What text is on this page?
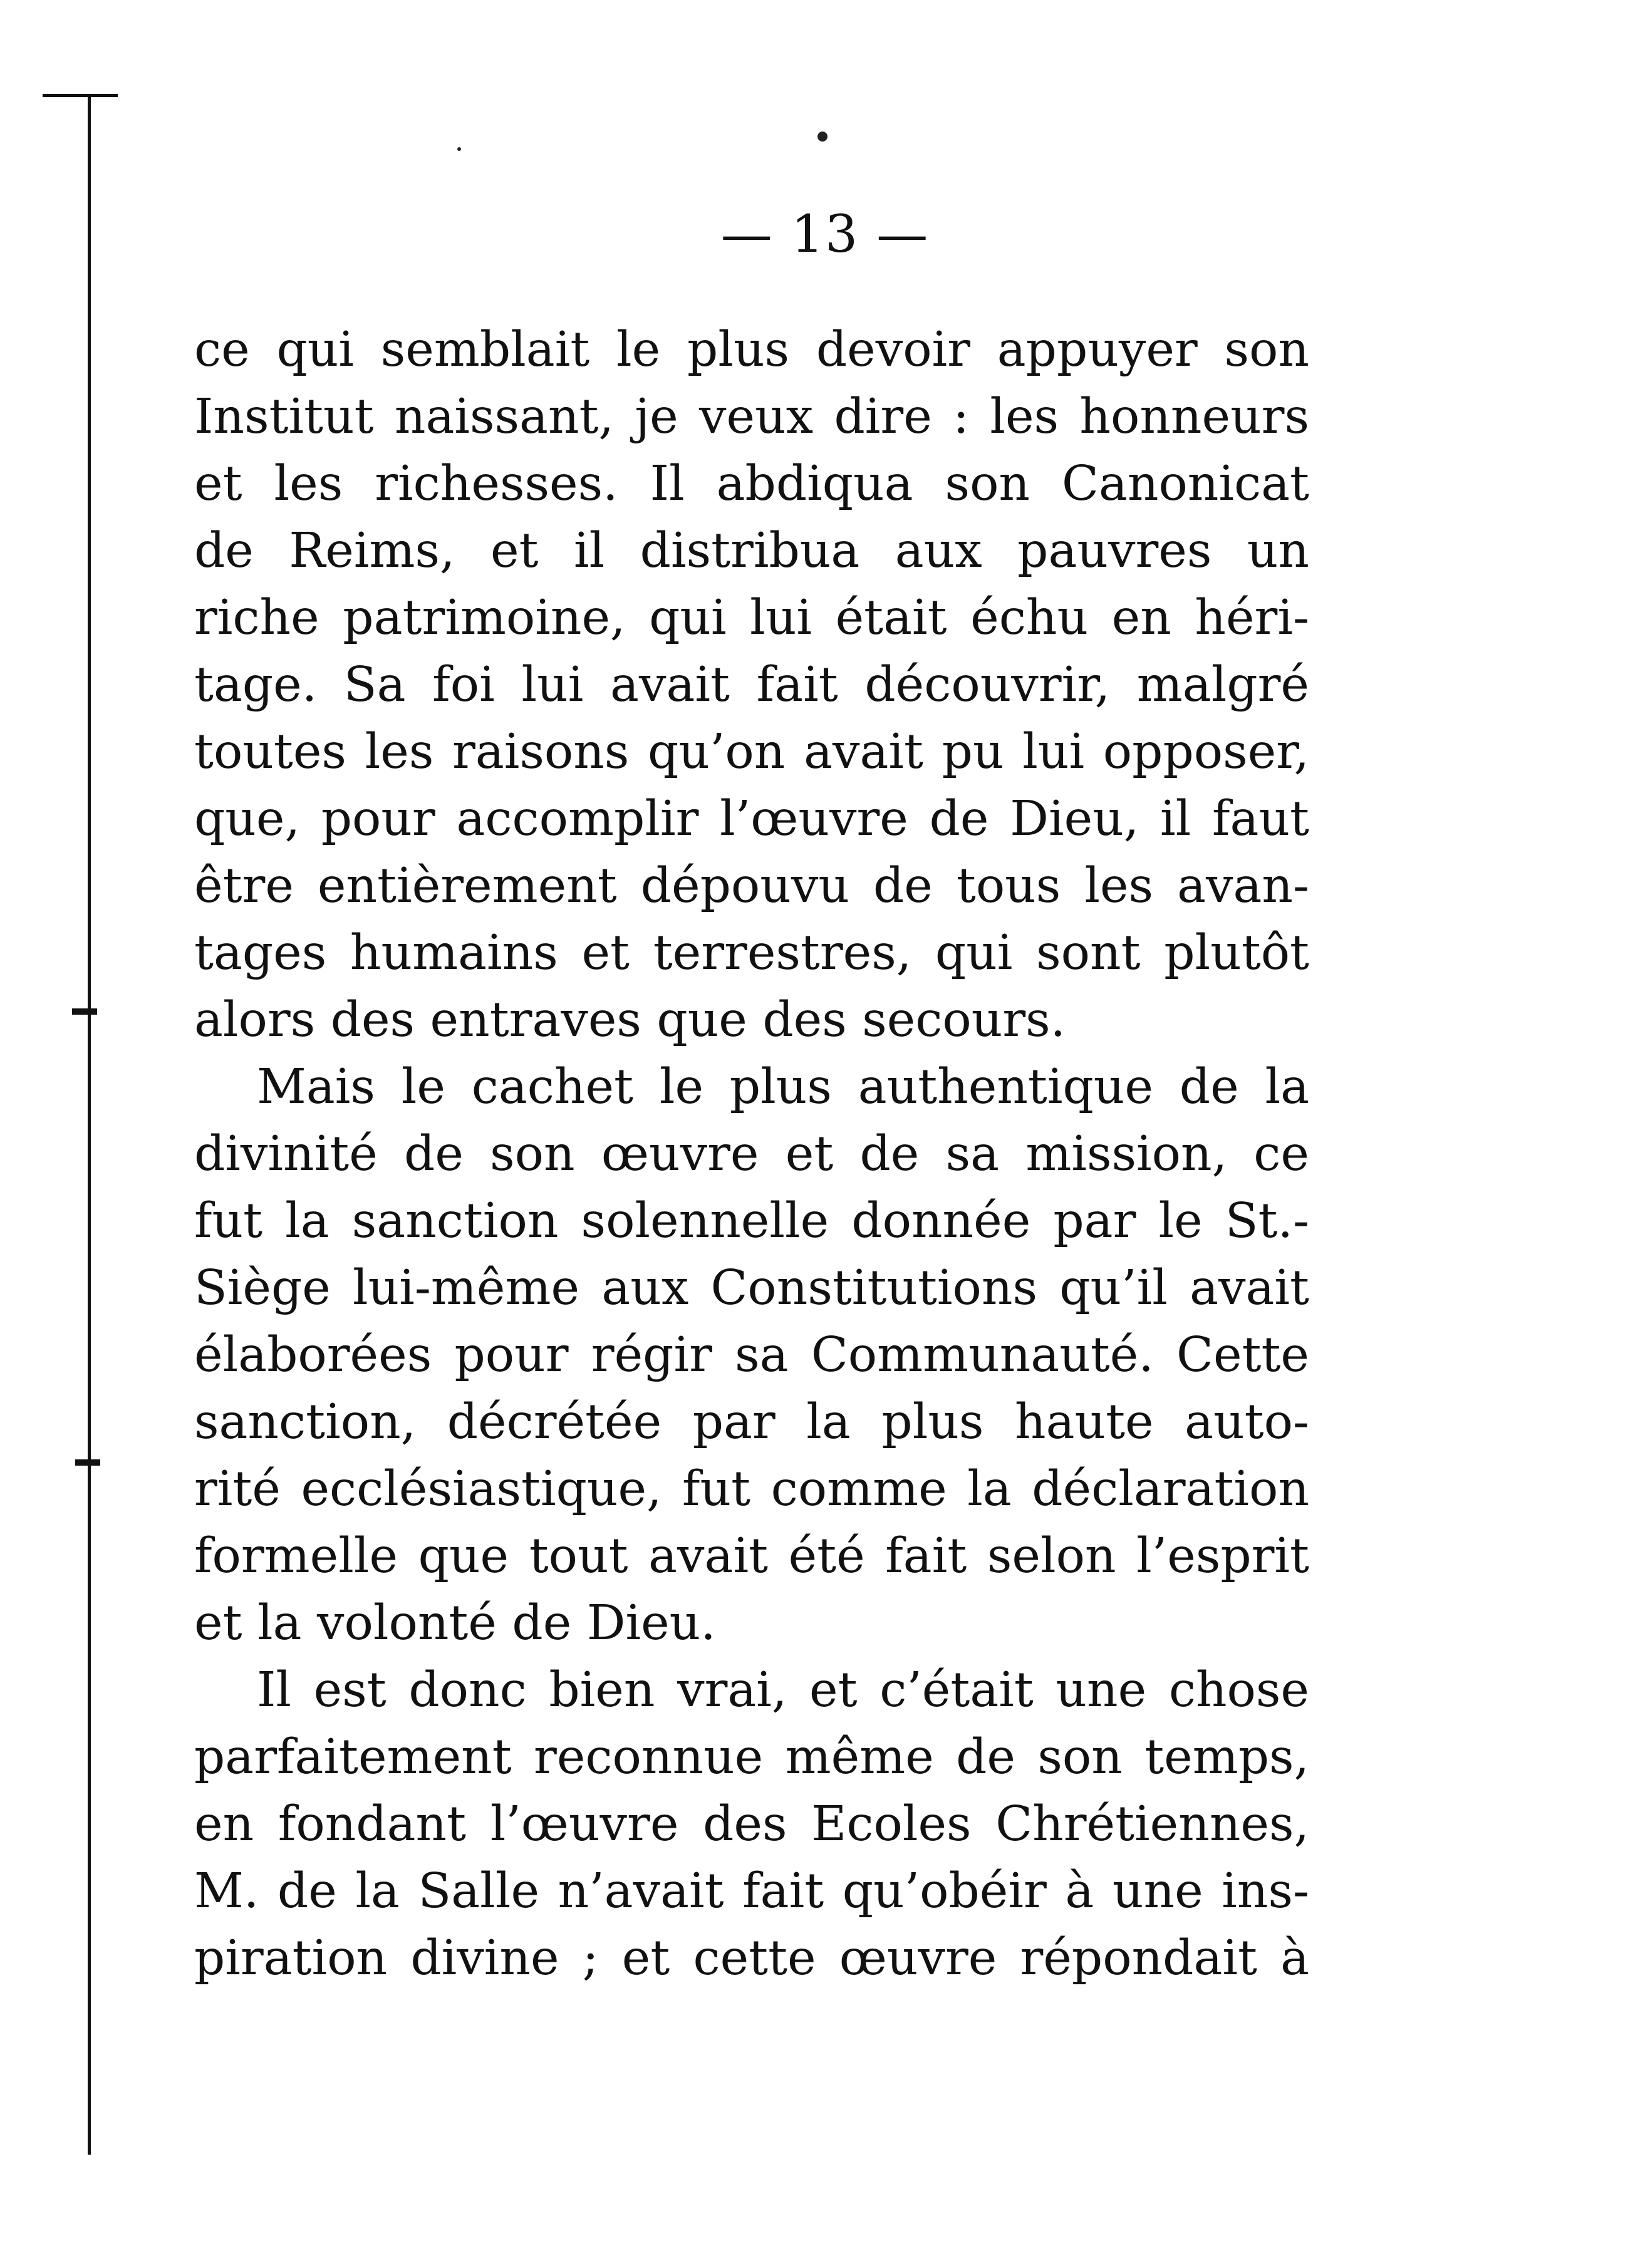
— 13 —
ce qui semblait le plus devoir appuyer son
Institut naissant, je veux dire : les honneurs
et les richesses. Il abdiqua son Canonicat
de Reims, et il distribua aux pauvres un
riche patrimoine, qui lui était échu en héri-
tage. Sa foi lui avait fait découvrir, malgré
toutes les raisons qu’on avait pu lui opposer,
que, pour accomplir l’œuvre de Dieu, il faut
être entièrement dépouvu de tous les avan-
tages humains et terrestres, qui sont plutôt
alors des entraves que des secours.
Mais le cachet le plus authentique de la
divinité de son œuvre et de sa mission, ce
fut la sanction solennelle donnée par le St.-
Siège lui-même aux Constitutions qu’il avait
élaborées pour régir sa Communauté. Cette
sanction, décrétée par la plus haute auto-
rité ecclésiastique, fut comme la déclaration
formelle que tout avait été fait selon l’esprit
et la volonté de Dieu.
Il est donc bien vrai, et c’était une chose
parfaitement reconnue même de son temps,
en fondant l’œuvre des Ecoles Chrétiennes,
M. de la Salle n’avait fait qu’obéir à une ins-
piration divine ; et cette œuvre répondait à
